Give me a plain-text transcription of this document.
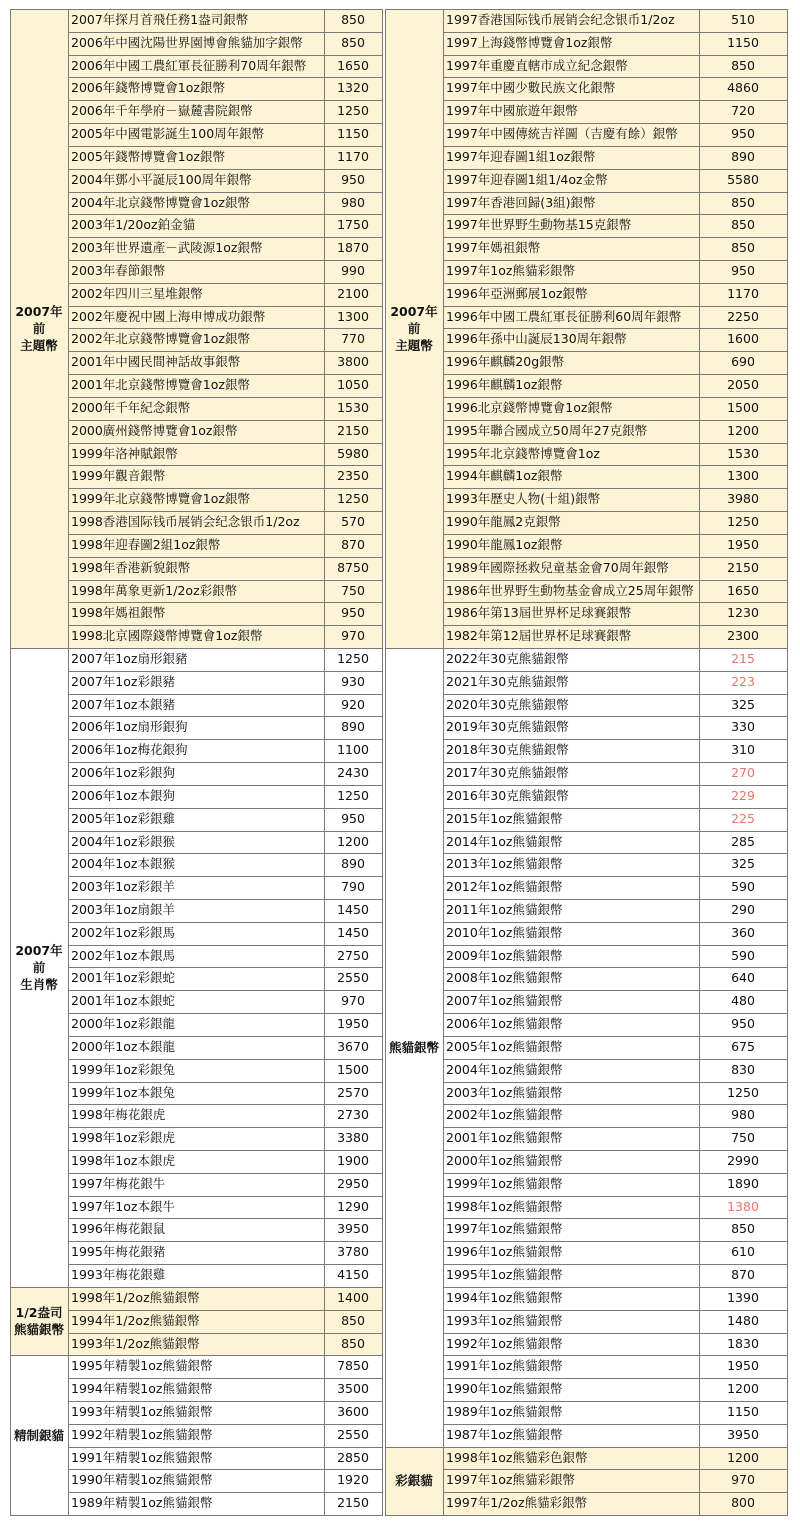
2007年前
主題幣
2007年探月首飛任務1盎司銀幣	850
2006年中國沈陽世界園博會熊貓加字銀幣	850
2006年中國工農紅軍長征勝利70周年銀幣	1650
2006年錢幣博覽會1oz銀幣	1320
2006年千年學府－嶽麓書院銀幣	1250
2005年中國電影誕生100周年銀幣	1150
2005年錢幣博覽會1oz銀幣	1170
2004年鄧小平誕辰100周年銀幣	950
2004年北京錢幣博覽會1oz銀幣	980
2003年1/20oz鉑金貓	1750
2003年世界遺產－武陵源1oz銀幣	1870
2003年春節銀幣	990
2002年四川三星堆銀幣	2100
2002年慶祝中國上海申博成功銀幣	1300
2002年北京錢幣博覽會1oz銀幣	770
2001年中國民間神話故事銀幣	3800
2001年北京錢幣博覽會1oz銀幣	1050
2000年千年紀念銀幣	1530
2000廣州錢幣博覽會1oz銀幣	2150
1999年洛神賦銀幣	5980
1999年觀音銀幣	2350
1999年北京錢幣博覽會1oz銀幣	1250
1998香港国际钱币展销会纪念银币1/2oz	570
1998年迎春圖2組1oz銀幣	870
1998年香港新貌銀幣	8750
1998年萬象更新1/2oz彩銀幣	750
1998年媽祖銀幣	950
1998北京國際錢幣博覽會1oz銀幣	970
2007年前
生肖幣
2007年1oz扇形銀豬	1250
2007年1oz彩銀豬	930
2007年1oz本銀豬	920
2006年1oz扇形銀狗	890
2006年1oz梅花銀狗	1100
2006年1oz彩銀狗	2430
2006年1oz本銀狗	1250
2005年1oz彩銀雞	950
2004年1oz彩銀猴	1200
2004年1oz本銀猴	890
2003年1oz彩銀羊	790
2003年1oz扇銀羊	1450
2002年1oz彩銀馬	1450
2002年1oz本銀馬	2750
2001年1oz彩銀蛇	2550
2001年1oz本銀蛇	970
2000年1oz彩銀龍	1950
2000年1oz本銀龍	3670
1999年1oz彩銀兔	1500
1999年1oz本銀兔	2570
1998年梅花銀虎	2730
1998年1oz彩銀虎	3380
1998年1oz本銀虎	1900
1997年梅花銀牛	2950
1997年1oz本銀牛	1290
1996年梅花銀鼠	3950
1995年梅花銀豬	3780
1993年梅花銀雞	4150
1/2盎司
熊貓銀幣
1998年1/2oz熊貓銀幣	1400
1994年1/2oz熊貓銀幣	850
1993年1/2oz熊貓銀幣	850
精制銀貓
1995年精製1oz熊貓銀幣	7850
1994年精製1oz熊貓銀幣	3500
1993年精製1oz熊貓銀幣	3600
1992年精製1oz熊貓銀幣	2550
1991年精製1oz熊貓銀幣	2850
1990年精製1oz熊貓銀幣	1920
1989年精製1oz熊貓銀幣	2150
2007年前
主題幣
1997香港国际钱币展销会纪念银币1/2oz	510
1997上海錢幣博覽會1oz銀幣	1150
1997年重慶直轄市成立紀念銀幣	850
1997年中國少數民族文化銀幣	4860
1997年中國旅遊年銀幣	720
1997年中國傳統吉祥圖（吉慶有餘）銀幣	950
1997年迎春圖1組1oz銀幣	890
1997年迎春圖1組1/4oz金幣	5580
1997年香港回歸(3組)銀幣	850
1997年世界野生動物基15克銀幣	850
1997年媽祖銀幣	850
1997年1oz熊貓彩銀幣	950
1996年亞洲郵展1oz銀幣	1170
1996年中國工農紅軍長征勝利60周年銀幣	2250
1996年孫中山誕辰130周年銀幣	1600
1996年麒麟20g銀幣	690
1996年麒麟1oz銀幣	2050
1996北京錢幣博覽會1oz銀幣	1500
1995年聯合國成立50周年27克銀幣	1200
1995年北京錢幣博覽會1oz	1530
1994年麒麟1oz銀幣	1300
1993年歷史人物(十組)銀幣	3980
1990年龍鳳2克銀幣	1250
1990年龍鳳1oz銀幣	1950
1989年國際拯救兒童基金會70周年銀幣	2150
1986年世界野生動物基金會成立25周年銀幣	1650
1986年第13屆世界杯足球賽銀幣	1230
1982年第12屆世界杯足球賽銀幣	2300
熊貓銀幣
2022年30克熊貓銀幣	215
2021年30克熊貓銀幣	223
2020年30克熊貓銀幣	325
2019年30克熊貓銀幣	330
2018年30克熊貓銀幣	310
2017年30克熊貓銀幣	270
2016年30克熊貓銀幣	229
2015年1oz熊貓銀幣	225
2014年1oz熊貓銀幣	285
2013年1oz熊貓銀幣	325
2012年1oz熊貓銀幣	590
2011年1oz熊貓銀幣	290
2010年1oz熊貓銀幣	360
2009年1oz熊貓銀幣	590
2008年1oz熊貓銀幣	640
2007年1oz熊貓銀幣	480
2006年1oz熊貓銀幣	950
2005年1oz熊貓銀幣	675
2004年1oz熊貓銀幣	830
2003年1oz熊貓銀幣	1250
2002年1oz熊貓銀幣	980
2001年1oz熊貓銀幣	750
2000年1oz熊貓銀幣	2990
1999年1oz熊貓銀幣	1890
1998年1oz熊貓銀幣	1380
1997年1oz熊貓銀幣	850
1996年1oz熊貓銀幣	610
1995年1oz熊貓銀幣	870
1994年1oz熊貓銀幣	1390
1993年1oz熊貓銀幣	1480
1992年1oz熊貓銀幣	1830
1991年1oz熊貓銀幣	1950
1990年1oz熊貓銀幣	1200
1989年1oz熊貓銀幣	1150
1987年1oz熊貓銀幣	3950
彩銀貓
1998年1oz熊貓彩色銀幣	1200
1997年1oz熊貓彩銀幣	970
1997年1/2oz熊貓彩銀幣	800
